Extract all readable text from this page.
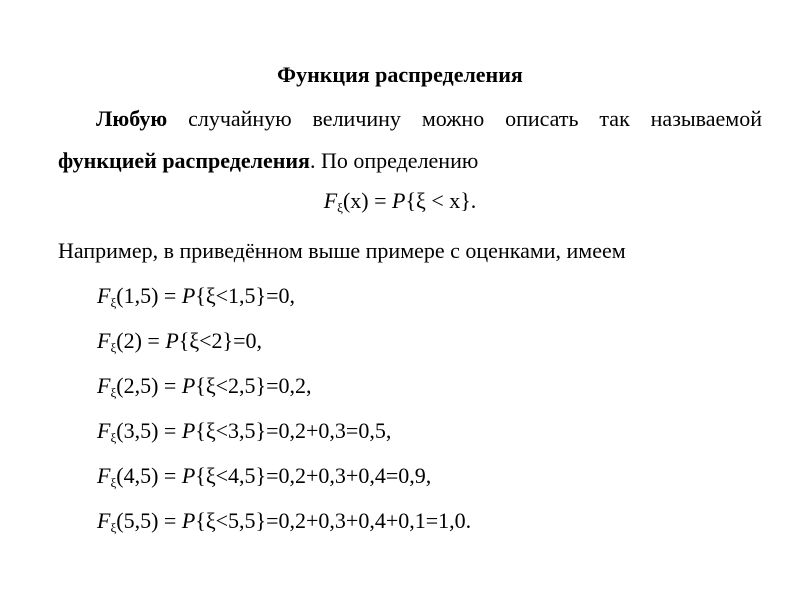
Функция распределения
Любую случайную величину можно описать так называемой функцией распределения. По определению
$F_\xi(x) = P\{\xi < x\}$.
Например, в приведённом выше примере с оценками, имеем
$F_\xi(1,5) = P\{\xi<1,5\}=0$,
$F_\xi(2) = P\{\xi<2\}=0$,
$F_\xi(2,5) = P\{\xi<2,5\}=0,2$,
$F_\xi(3,5) = P\{\xi<3,5\}=0,2+0,3=0,5$,
$F_\xi(4,5) = P\{\xi<4,5\}=0,2+0,3+0,4=0,9$,
$F_\xi(5,5) = P\{\xi<5,5\}=0,2+0,3+0,4+0,1=1,0$.
